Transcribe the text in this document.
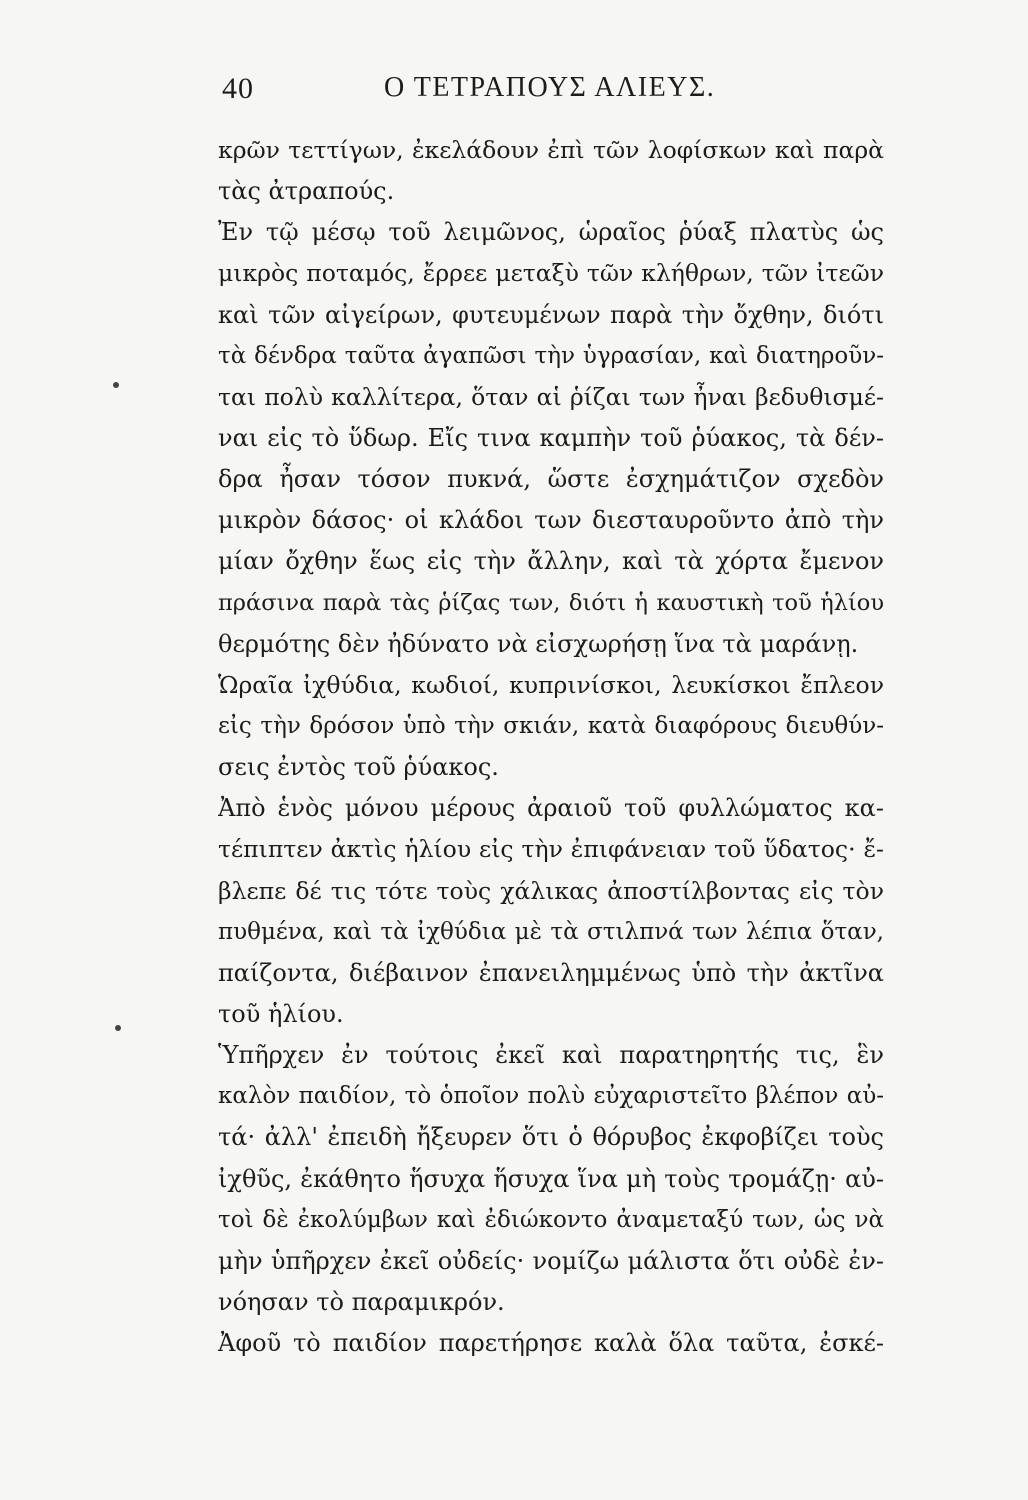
40	Ο ΤΕΤΡΑΠΟΥΣ ΑΛΙΕΥΣ.
κρῶν τεττίγων, ἐκελάδουν ἐπὶ τῶν λοφίσκων καὶ παρὰ
τὰς ἀτραπούς.
Ἐν τῷ μέσῳ τοῦ λειμῶνος, ὡραῖος ῥύαξ πλατὺς ὡς
μικρὸς ποταμός, ἔρρεε μεταξὺ τῶν κλήθρων, τῶν ἰτεῶν
καὶ τῶν αἰγείρων, φυτευμένων παρὰ τὴν ὄχθην, διότι
τὰ δένδρα ταῦτα ἀγαπῶσι τὴν ὑγρασίαν, καὶ διατηροῦν-
ται πολὺ καλλίτερα, ὅταν αἱ ῥίζαι των ἦναι βεδυθισμέ-
ναι εἰς τὸ ὕδωρ. Εἴς τινα καμπὴν τοῦ ῥύακος, τὰ δέν-
δρα ἦσαν τόσον πυκνά, ὥστε ἐσχημάτιζον σχεδὸν
μικρὸν δάσος· οἱ κλάδοι των διεσταυροῦντο ἀπὸ τὴν
μίαν ὄχθην ἕως εἰς τὴν ἄλλην, καὶ τὰ χόρτα ἔμενον
πράσινα παρὰ τὰς ῥίζας των, διότι ἡ καυστικὴ τοῦ ἡλίου
θερμότης δὲν ἠδύνατο νὰ εἰσχωρήσῃ ἵνα τὰ μαράνῃ.
Ὡραῖα ἰχθύδια, κωδιοί, κυπρινίσκοι, λευκίσκοι ἔπλεον
εἰς τὴν δρόσον ὑπὸ τὴν σκιάν, κατὰ διαφόρους διευθύν-
σεις ἐντὸς τοῦ ῥύακος.
Ἀπὸ ἑνὸς μόνου μέρους ἀραιοῦ τοῦ φυλλώματος κα-
τέπιπτεν ἀκτὶς ἡλίου εἰς τὴν ἐπιφάνειαν τοῦ ὕδατος· ἔ-
βλεπε δέ τις τότε τοὺς χάλικας ἀποστίλβοντας εἰς τὸν
πυθμένα, καὶ τὰ ἰχθύδια μὲ τὰ στιλπνά των λέπια ὅταν,
παίζοντα, διέβαινον ἐπανειλημμένως ὑπὸ τὴν ἀκτῖνα
τοῦ ἡλίου.
Ὑπῆρχεν ἐν τούτοις ἐκεῖ καὶ παρατηρητής τις, ἓν
καλὸν παιδίον, τὸ ὁποῖον πολὺ εὐχαριστεῖτο βλέπον αὐ-
τά· ἀλλ' ἐπειδὴ ἤξευρεν ὅτι ὁ θόρυβος ἐκφοβίζει τοὺς
ἰχθῦς, ἐκάθητο ἥσυχα ἥσυχα ἵνα μὴ τοὺς τρομάζῃ· αὐ-
τοὶ δὲ ἐκολύμβων καὶ ἐδιώκοντο ἀναμεταξύ των, ὡς νὰ
μὴν ὑπῆρχεν ἐκεῖ οὐδείς· νομίζω μάλιστα ὅτι οὐδὲ ἐν-
νόησαν τὸ παραμικρόν.
Ἀφοῦ τὸ παιδίον παρετήρησε καλὰ ὅλα ταῦτα, ἐσκέ-
